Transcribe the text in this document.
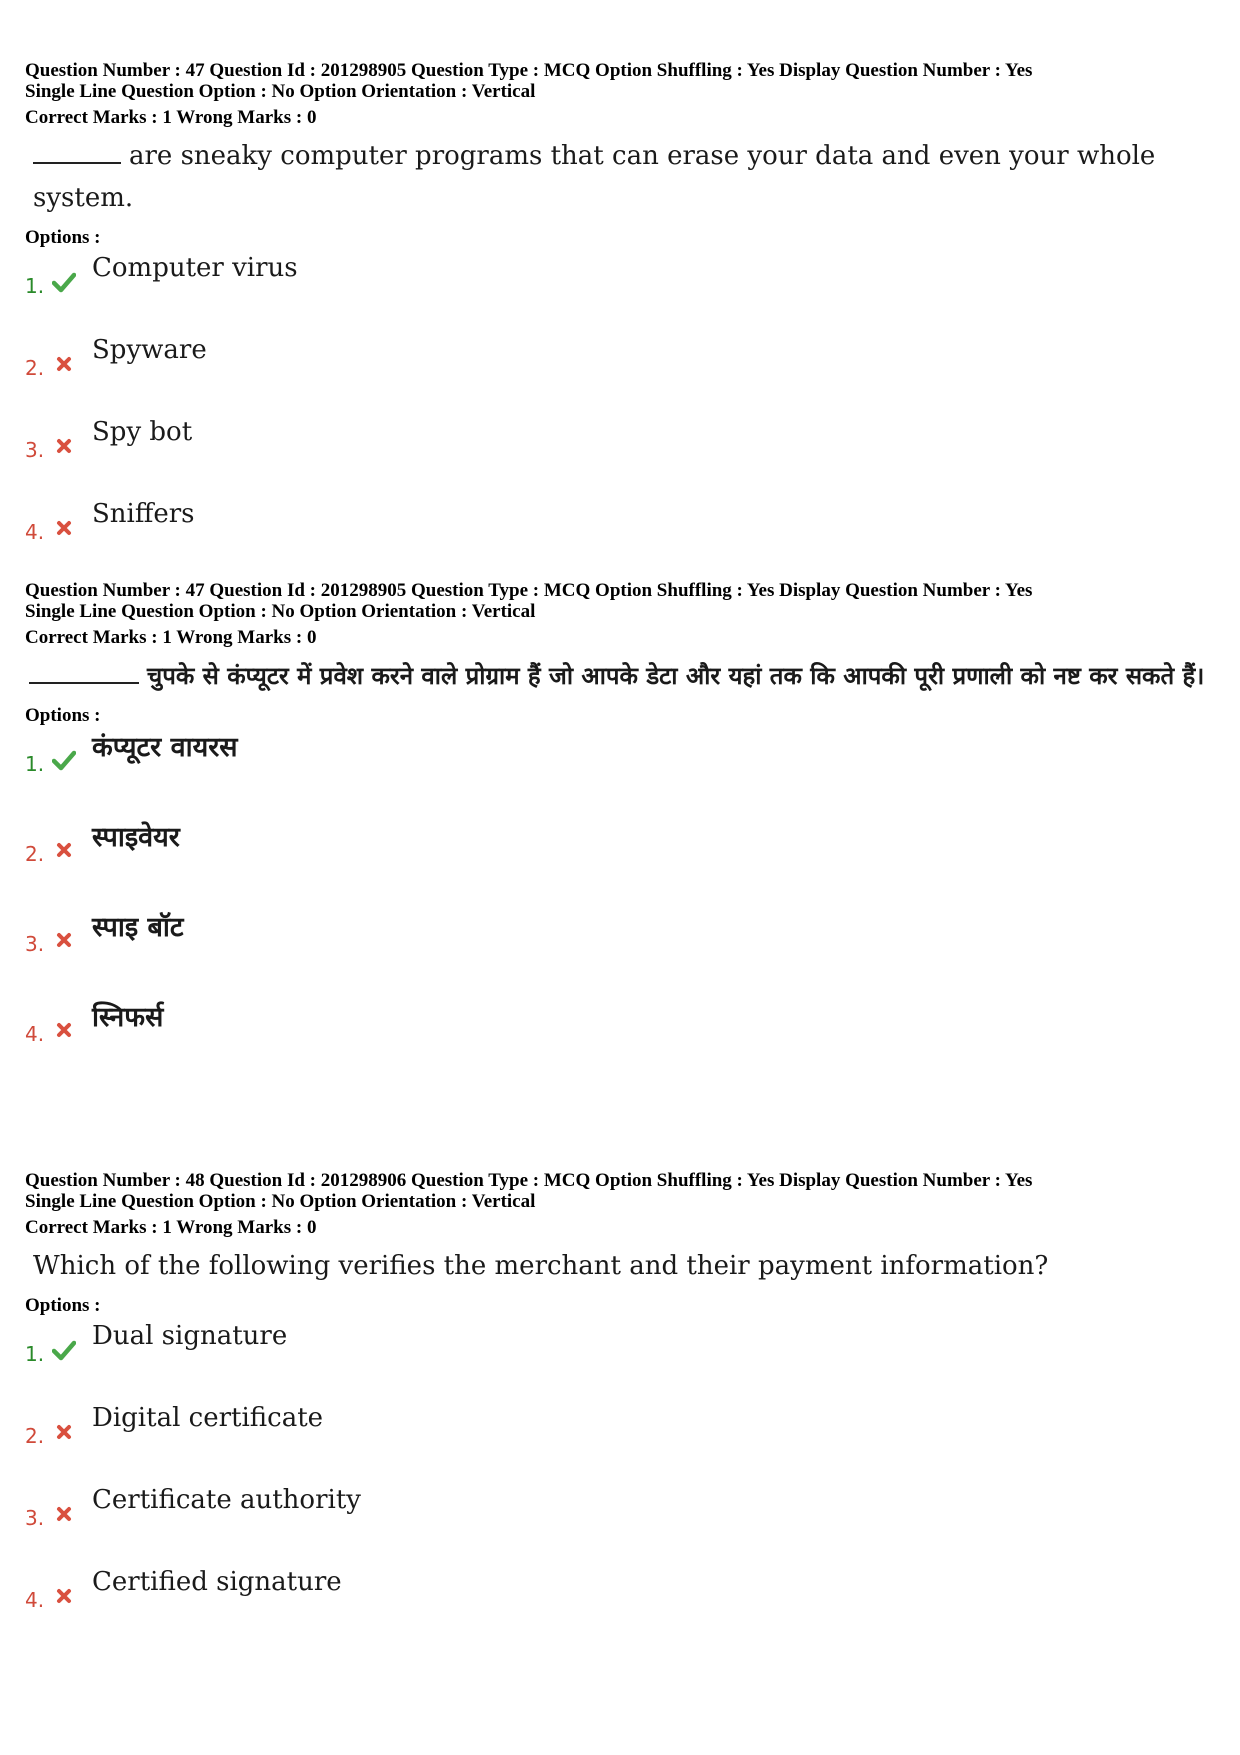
Question Number : 47 Question Id : 201298905 Question Type : MCQ Option Shuffling : Yes Display Question Number : Yes
Single Line Question Option : No Option Orientation : Vertical
Correct Marks : 1 Wrong Marks : 0
are sneaky computer programs that can erase your data and even your whole system.
Options :
1.
Computer virus
2.
Spyware
3.
Spy bot
4.
Sniffers
Question Number : 47 Question Id : 201298905 Question Type : MCQ Option Shuffling : Yes Display Question Number : Yes
Single Line Question Option : No Option Orientation : Vertical
Correct Marks : 1 Wrong Marks : 0
चुपके से कंप्यूटर में प्रवेश करने वाले प्रोग्राम हैं जो आपके डेटा और यहां तक कि आपकी पूरी प्रणाली को नष्ट कर सकते हैं।
Options :
1.
कंप्यूटर वायरस
2.
स्पाइवेयर
3.
स्पाइ बॉट
4.
स्निफर्स
Question Number : 48 Question Id : 201298906 Question Type : MCQ Option Shuffling : Yes Display Question Number : Yes
Single Line Question Option : No Option Orientation : Vertical
Correct Marks : 1 Wrong Marks : 0
Which of the following verifies the merchant and their payment information?
Options :
1.
Dual signature
2.
Digital certificate
3.
Certificate authority
4.
Certified signature
